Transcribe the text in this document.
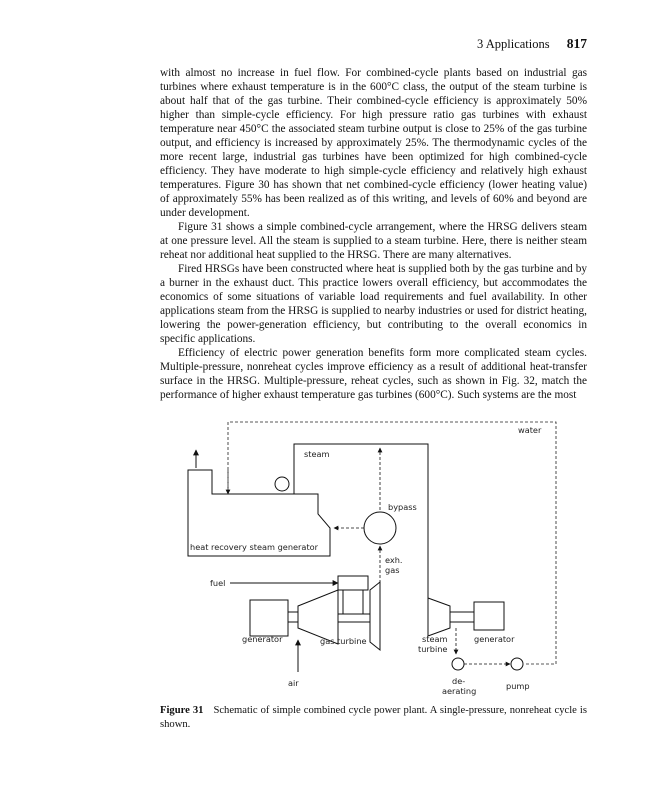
3 Applications 817

with almost no increase in fuel flow. For combined-cycle plants based on industrial gas turbines where exhaust temperature is in the 600°C class, the output of the steam turbine is about half that of the gas turbine. Their combined-cycle efficiency is approximately 50% higher than simple-cycle efficiency. For high pressure ratio gas turbines with exhaust temperature near 450°C the associated steam turbine output is close to 25% of the gas turbine output, and efficiency is increased by approximately 25%. The thermodynamic cycles of the more recent large, industrial gas turbines have been optimized for high combined-cycle efficiency. They have moderate to high simple-cycle efficiency and relatively high exhaust temperatures. Figure 30 has shown that net combined-cycle efficiency (lower heating value) of approximately 55% has been realized as of this writing, and levels of 60% and beyond are under development.

Figure 31 shows a simple combined-cycle arrangement, where the HRSG delivers steam at one pressure level. All the steam is supplied to a steam turbine. Here, there is neither steam reheat nor additional heat supplied to the HRSG. There are many alternatives.

Fired HRSGs have been constructed where heat is supplied both by the gas turbine and by a burner in the exhaust duct. This practice lowers overall efficiency, but accommodates the economics of some situations of variable load requirements and fuel availability. In other applications steam from the HRSG is supplied to nearby industries or used for district heating, lowering the power-generation efficiency, but contributing to the overall economics in specific applications.

Efficiency of electric power generation benefits form more complicated steam cycles. Multiple-pressure, nonreheat cycles improve efficiency as a result of additional heat-transfer surface in the HRSG. Multiple-pressure, reheat cycles, such as shown in Fig. 32, match the performance of higher exhaust temperature gas turbines (600°C). Such systems are the most

water
heat recovery steam generator
steam
bypass
exh.
gas
fuel
generator	gas turbine
air
steam
turbine
generator
de-
aerating	pump
Figure 31 Schematic of simple combined cycle power plant. A single-pressure, nonreheat cycle is shown.
